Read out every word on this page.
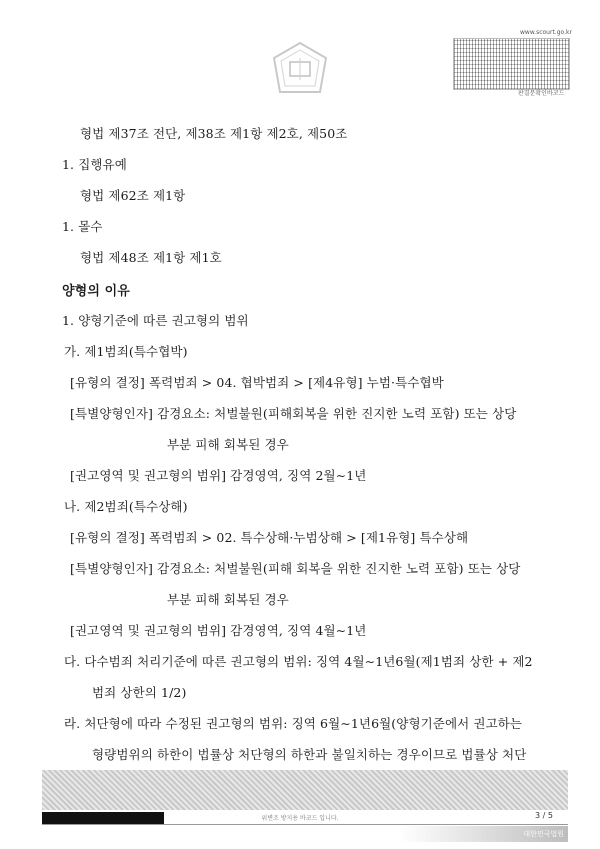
www.scourt.go.kr
판결문확인바코드
형법 제37조 전단, 제38조 제1항 제2호, 제50조
1. 집행유예
형법 제62조 제1항
1. 몰수
형법 제48조 제1항 제1호
양형의 이유
1. 양형기준에 따른 권고형의 범위
가. 제1범죄(특수협박)
[유형의 결정] 폭력범죄 > 04. 협박범죄 > [제4유형] 누범·특수협박
[특별양형인자] 감경요소: 처벌불원(피해회복을 위한 진지한 노력 포함) 또는 상당
부분 피해 회복된 경우
[권고영역 및 권고형의 범위] 감경영역, 징역 2월∼1년
나. 제2범죄(특수상해)
[유형의 결정] 폭력범죄 > 02. 특수상해·누범상해 > [제1유형] 특수상해
[특별양형인자] 감경요소: 처벌불원(피해 회복을 위한 진지한 노력 포함) 또는 상당
부분 피해 회복된 경우
[권고영역 및 권고형의 범위] 감경영역, 징역 4월∼1년
다. 다수범죄 처리기준에 따른 권고형의 범위: 징역 4월∼1년6월(제1범죄 상한 + 제2
범죄 상한의 1/2)
라. 처단형에 따라 수정된 권고형의 범위: 징역 6월∼1년6월(양형기준에서 권고하는
형량범위의 하한이 법률상 처단형의 하한과 불일치하는 경우이므로 법률상 처단
위변조 방지용 바코드 입니다.	3 / 5
대한민국법원
